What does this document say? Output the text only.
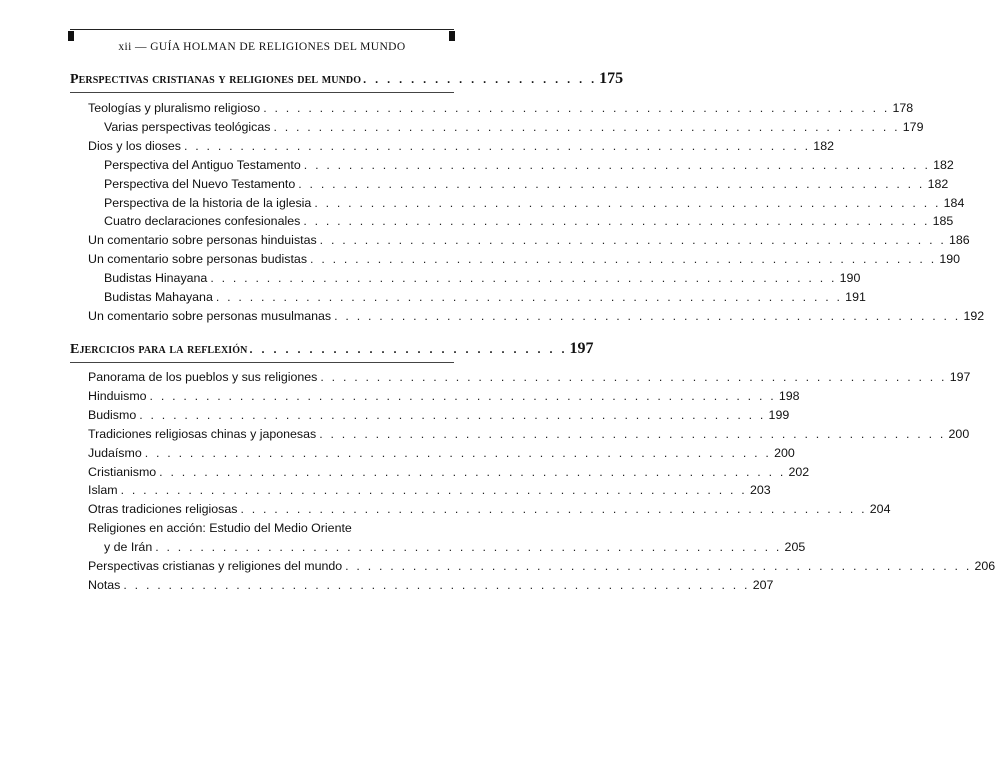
xii — GUÍA HOLMAN DE RELIGIONES DEL MUNDO
Perspectivas cristianas y religiones del mundo . . . . . . . . . . . . . . . . . . . . 175
Teologías y pluralismo religioso . . . . . . . . . . . . . . . . . . . . . . . . . . . . . . . . . . . . . . . . . . . . . . . . . . . . . . . . 178
Varias perspectivas teológicas . . . . . . . . . . . . . . . . . . . . . . . . . . . . . . . . . . . . . . . . . . . . . . . . . . . . . . . . 179
Dios y los dioses . . . . . . . . . . . . . . . . . . . . . . . . . . . . . . . . . . . . . . . . . . . . . . . . . . . . . . . . 182
Perspectiva del Antiguo Testamento . . . . . . . . . . . . . . . . . . . . . . . . . . . . . . . . . . . . . . . . . . . . . . . . . . . . . . . . 182
Perspectiva del Nuevo Testamento . . . . . . . . . . . . . . . . . . . . . . . . . . . . . . . . . . . . . . . . . . . . . . . . . . . . . . . . 182
Perspectiva de la historia de la iglesia . . . . . . . . . . . . . . . . . . . . . . . . . . . . . . . . . . . . . . . . . . . . . . . . . . . . . . . . 184
Cuatro declaraciones confesionales . . . . . . . . . . . . . . . . . . . . . . . . . . . . . . . . . . . . . . . . . . . . . . . . . . . . . . . . 185
Un comentario sobre personas hinduistas . . . . . . . . . . . . . . . . . . . . . . . . . . . . . . . . . . . . . . . . . . . . . . . . . . . . . . . . 186
Un comentario sobre personas budistas . . . . . . . . . . . . . . . . . . . . . . . . . . . . . . . . . . . . . . . . . . . . . . . . . . . . . . . . 190
Budistas Hinayana . . . . . . . . . . . . . . . . . . . . . . . . . . . . . . . . . . . . . . . . . . . . . . . . . . . . . . . . 190
Budistas Mahayana . . . . . . . . . . . . . . . . . . . . . . . . . . . . . . . . . . . . . . . . . . . . . . . . . . . . . . . . 191
Un comentario sobre personas musulmanas . . . . . . . . . . . . . . . . . . . . . . . . . . . . . . . . . . . . . . . . . . . . . . . . . . . . . . . . 192
Ejercicios para la reflexión . . . . . . . . . . . . . . . . . . . . . . . . . . . 197
Panorama de los pueblos y sus religiones . . . . . . . . . . . . . . . . . . . . . . . . . . . . . . . . . . . . . . . . . . . . . . . . . . . . . . . . 197
Hinduismo . . . . . . . . . . . . . . . . . . . . . . . . . . . . . . . . . . . . . . . . . . . . . . . . . . . . . . . . 198
Budismo . . . . . . . . . . . . . . . . . . . . . . . . . . . . . . . . . . . . . . . . . . . . . . . . . . . . . . . . 199
Tradiciones religiosas chinas y japonesas . . . . . . . . . . . . . . . . . . . . . . . . . . . . . . . . . . . . . . . . . . . . . . . . . . . . . . . . 200
Judaísmo . . . . . . . . . . . . . . . . . . . . . . . . . . . . . . . . . . . . . . . . . . . . . . . . . . . . . . . . 200
Cristianismo . . . . . . . . . . . . . . . . . . . . . . . . . . . . . . . . . . . . . . . . . . . . . . . . . . . . . . . . 202
Islam . . . . . . . . . . . . . . . . . . . . . . . . . . . . . . . . . . . . . . . . . . . . . . . . . . . . . . . . 203
Otras tradiciones religiosas . . . . . . . . . . . . . . . . . . . . . . . . . . . . . . . . . . . . . . . . . . . . . . . . . . . . . . . . 204
Religiones en acción: Estudio del Medio Oriente
y de Irán . . . . . . . . . . . . . . . . . . . . . . . . . . . . . . . . . . . . . . . . . . . . . . . . . . . . . . . . 205
Perspectivas cristianas y religiones del mundo . . . . . . . . . . . . . . . . . . . . . . . . . . . . . . . . . . . . . . . . . . . . . . . . . . . . . . . . 206
Notas . . . . . . . . . . . . . . . . . . . . . . . . . . . . . . . . . . . . . . . . . . . . . . . . . . . . . . . . 207
